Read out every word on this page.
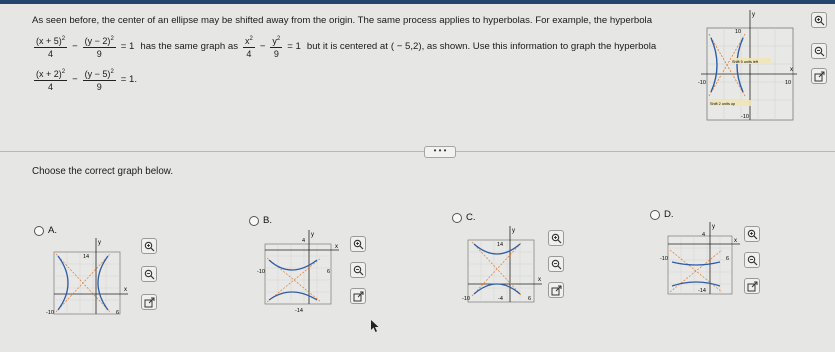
As seen before, the center of an ellipse may be shifted away from the origin. The same process applies to hyperbolas. For example, the hyperbola
$\frac{(x + 5)^2}{4} - \frac{(y - 2)^2}{9} = 1$ has the same graph as $\frac{x^2}{4} - \frac{y^2}{9} = 1$ but it is centered at ( − 5,2) , as shown. Use this information to graph the hyperbola
$\frac{(x + 2)^2}{4} - \frac{(y - 5)^2}{9} = 1$.
y
x
10
-10	10
-10
Shift 5 units left
Shift 2 units up
• • •
Choose the correct graph below.
A.
y
x
14
-10	6
B.
y
x
4
-10	6
-14
C.
y
x
14
-10	6
-4
D.
y
x
4
-10	6
-14
